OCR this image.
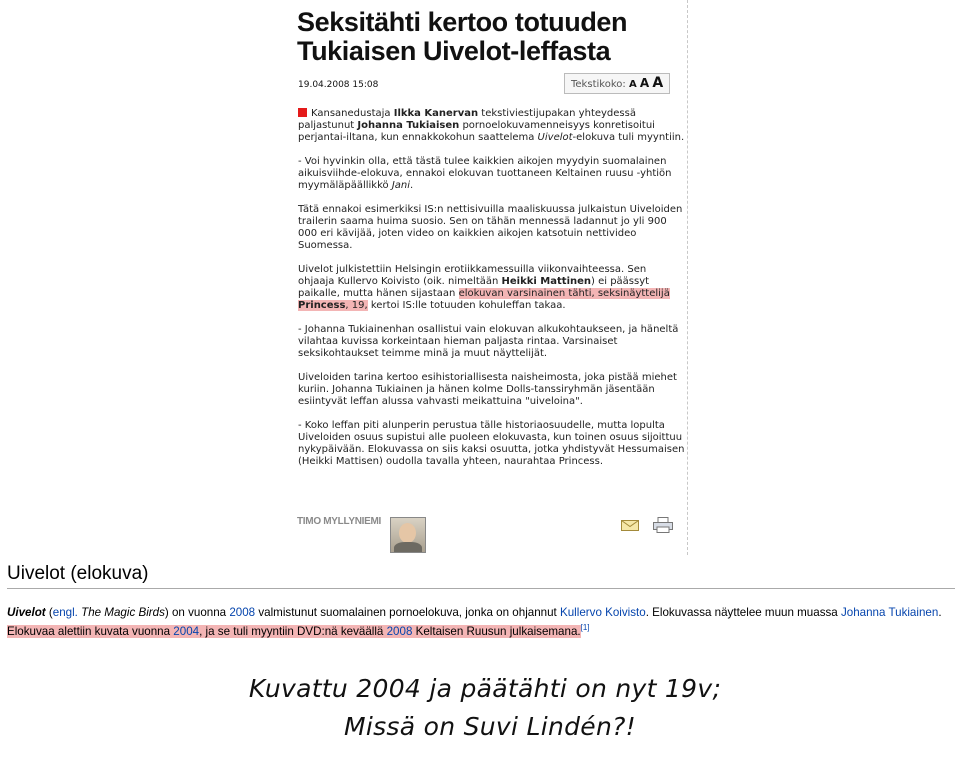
Seksitähti kertoo totuuden Tukiaisen Uivelot-leffasta
19.04.2008 15:08	Tekstikoko: A A A

Kansanedustaja Ilkka Kanervan tekstiviestijupakan yhteydessä paljastunut Johanna Tukiaisen pornoelokuvamenneisyys konretisoitui perjantai-iltana, kun ennakkokohun saattelema Uivelot-elokuva tuli myyntiin.

- Voi hyvinkin olla, että tästä tulee kaikkien aikojen myydyin suomalainen aikuisviihde-elokuva, ennakoi elokuvan tuottaneen Keltainen ruusu -yhtiön myymäläpäällikkö Jani.

Tätä ennakoi esimerkiksi IS:n nettisivuilla maaliskuussa julkaistun Uiveloiden trailerin saama huima suosio. Sen on tähän mennessä ladannut jo yli 900 000 eri kävijää, joten video on kaikkien aikojen katsotuin nettivideo Suomessa.

Uivelot julkistettiin Helsingin erotiikkamessuilla viikonvaihteessa. Sen ohjaaja Kullervo Koivisto (oik. nimeltään Heikki Mattinen) ei päässyt paikalle, mutta hänen sijastaan elokuvan varsinainen tähti, seksinäyttelijä Princess, 19, kertoi IS:lle totuuden kohuleffan takaa.

- Johanna Tukiainenhan osallistui vain elokuvan alkukohtaukseen, ja häneltä vilahtaa kuvissa korkeintaan hieman paljasta rintaa. Varsinaiset seksikohtaukset teimme minä ja muut näyttelijät.

Uiveloiden tarina kertoo esihistoriallisesta naisheimosta, joka pistää miehet kuriin. Johanna Tukiainen ja hänen kolme Dolls-tanssiryhmän jäsentään esiintyvät leffan alussa vahvasti meikattuina "uiveloina".

- Koko leffan piti alunperin perustua tälle historiaosuudelle, mutta lopulta Uiveloiden osuus supistui alle puoleen elokuvasta, kun toinen osuus sijoittuu nykypäivään. Elokuvassa on siis kaksi osuutta, jotka yhdistyvät Hessumaisen (Heikki Mattisen) oudolla tavalla yhteen, naurahtaa Princess.

TIMO MYLLYNIEMI
Uivelot (elokuva)
Uivelot (engl. The Magic Birds) on vuonna 2008 valmistunut suomalainen pornoelokuva, jonka on ohjannut Kullervo Koivisto. Elokuvassa näyttelee muun muassa Johanna Tukiainen. Elokuvaa alettiin kuvata vuonna 2004, ja se tuli myyntiin DVD:nä keväällä 2008 Keltaisen Ruusun julkaisemana.[1]
Kuvattu 2004 ja päätähti on nyt 19v;
Missä on Suvi Lindén?!
